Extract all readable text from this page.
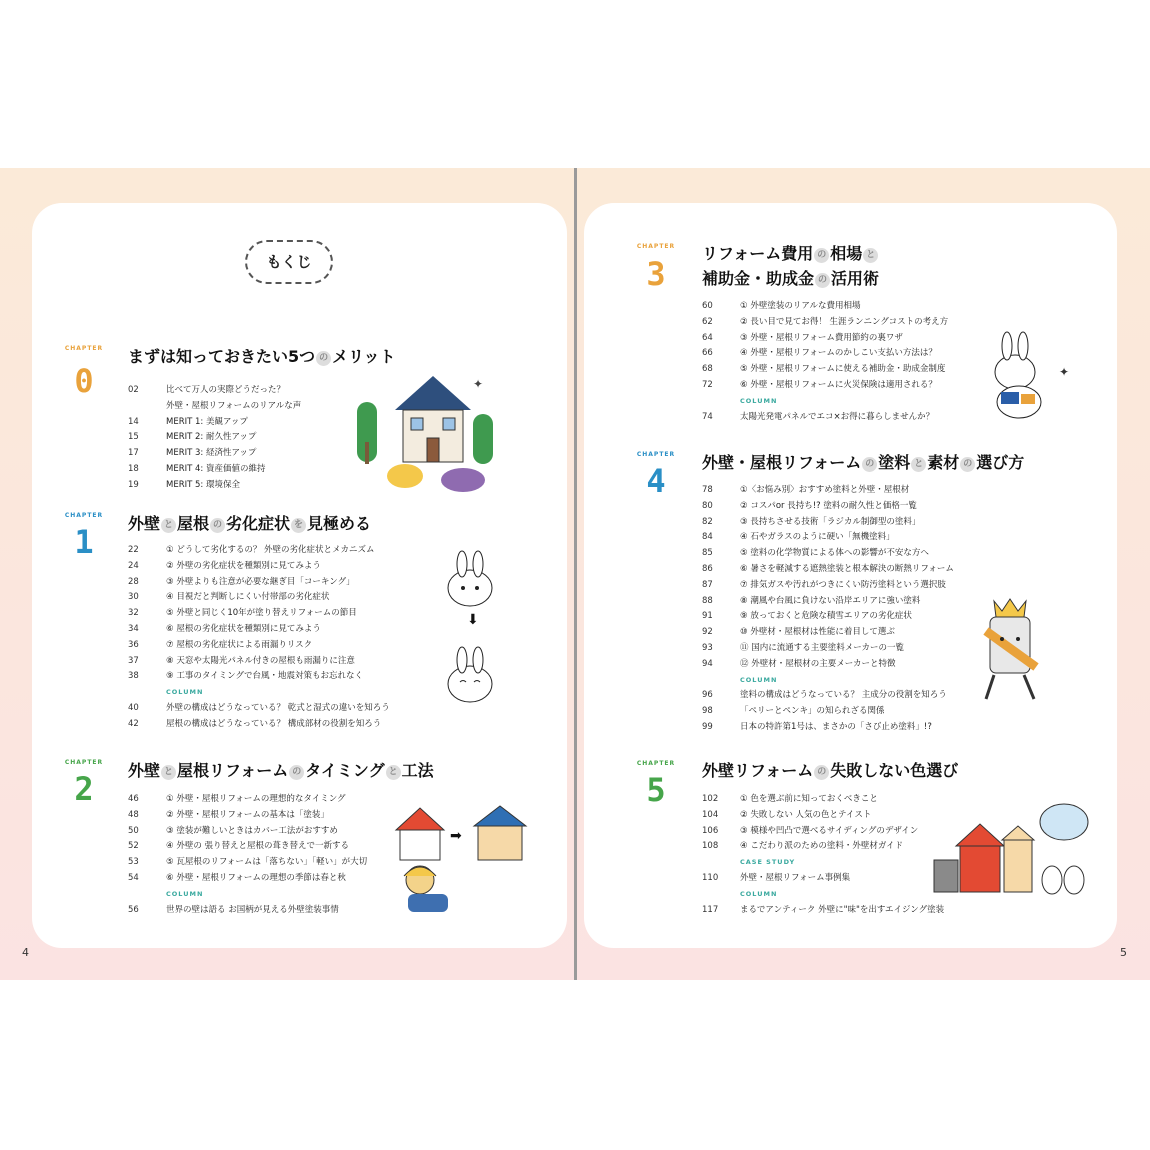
4	5
もくじ
CHAPTER
0
まずは知っておきたい5つ の メリット
02	比べて万人の実際どうだった？
外壁・屋根リフォームのリアルな声
14	MERIT 1: 美観アップ
15	MERIT 2: 耐久性アップ
17	MERIT 3: 経済性アップ
18	MERIT 4: 資産価値の維持
19	MERIT 5: 環境保全
CHAPTER
1	外壁 と 屋根 の 劣化症状 を 見極める
22	① どうして劣化するの？ 外壁の劣化症状とメカニズム
24	② 外壁の劣化症状を種類別に見てみよう
28	③ 外壁よりも注意が必要な継ぎ目「コーキング」
30	④ 目視だと判断しにくい付帯部の劣化症状
32	⑤ 外壁と同じく10年が塗り替えリフォームの節目
34	⑥ 屋根の劣化症状を種類別に見てみよう
36	⑦ 屋根の劣化症状による雨漏りリスク
37	⑧ 天窓や太陽光パネル付きの屋根も雨漏りに注意
38	⑨ 工事のタイミングで台風・地震対策もお忘れなく
COLUMN
40	外壁の構成はどうなっている？ 乾式と湿式の違いを知ろう
42	屋根の構成はどうなっている？ 構成部材の役割を知ろう
CHAPTER
2	外壁 と 屋根リフォーム の タイミング と 工法
46	① 外壁・屋根リフォームの理想的なタイミング
48	② 外壁・屋根リフォームの基本は「塗装」
50	③ 塗装が難しいときはカバー工法がおすすめ
52	④ 外壁の 張り替えと屋根の葺き替えで一新する
53	⑤ 瓦屋根のリフォームは「落ちない」「軽い」が大切
54	⑥ 外壁・屋根リフォームの理想の季節は春と秋
COLUMN
56	世界の壁は語る お国柄が見える外壁塗装事情
CHAPTER
3
リフォーム費用 の 相場 と
補助金・助成金 の 活用術
60	① 外壁塗装のリアルな費用相場
62	② 長い目で見てお得！ 生涯ランニングコストの考え方
64	③ 外壁・屋根リフォーム費用節約の裏ワザ
66	④ 外壁・屋根リフォームのかしこい支払い方法は？
68	⑤ 外壁・屋根リフォームに使える補助金・助成金制度
72	⑥ 外壁・屋根リフォームに火災保険は適用される？
COLUMN
74	太陽光発電パネルでエコ×お得に暮らしませんか？
CHAPTER
4	外壁・屋根リフォーム の 塗料 と 素材 の 選び方
78	①〈お悩み別〉おすすめ塗料と外壁・屋根材
80	② コスパor 長持ち!? 塗料の耐久性と価格一覧
82	③ 長持ちさせる技術「ラジカル制御型の塗料」
84	④ 石やガラスのように硬い「無機塗料」
85	⑤ 塗料の化学物質による体への影響が不安な方へ
86	⑥ 暑さを軽減する遮熱塗装と根本解決の断熱リフォーム
87	⑦ 排気ガスや汚れがつきにくい防汚塗料という選択肢
88	⑧ 潮風や台風に負けない沿岸エリアに強い塗料
91	⑨ 放っておくと危険な積雪エリアの劣化症状
92	⑩ 外壁材・屋根材は性能に着目して選ぶ
93	⑪ 国内に流通する主要塗料メーカーの一覧
94	⑫ 外壁材・屋根材の主要メーカーと特徴
COLUMN
96	塗料の構成はどうなっている？ 主成分の役割を知ろう
98	「ペリーとペンキ」の知られざる関係
99	日本の特許第1号は、まさかの「さび止め塗料」!?
CHAPTER
5
外壁リフォーム の 失敗しない色選び
102	① 色を選ぶ前に知っておくべきこと
104	② 失敗しない 人気の色とテイスト
106	③ 模様や凹凸で選べるサイディングのデザイン
108	④ こだわり派のための塗料・外壁材ガイド
CASE STUDY
110	外壁・屋根リフォーム事例集
COLUMN
117	まるでアンティーク 外壁に"味"を出すエイジング塗装
✦
⬇
➡
✦
